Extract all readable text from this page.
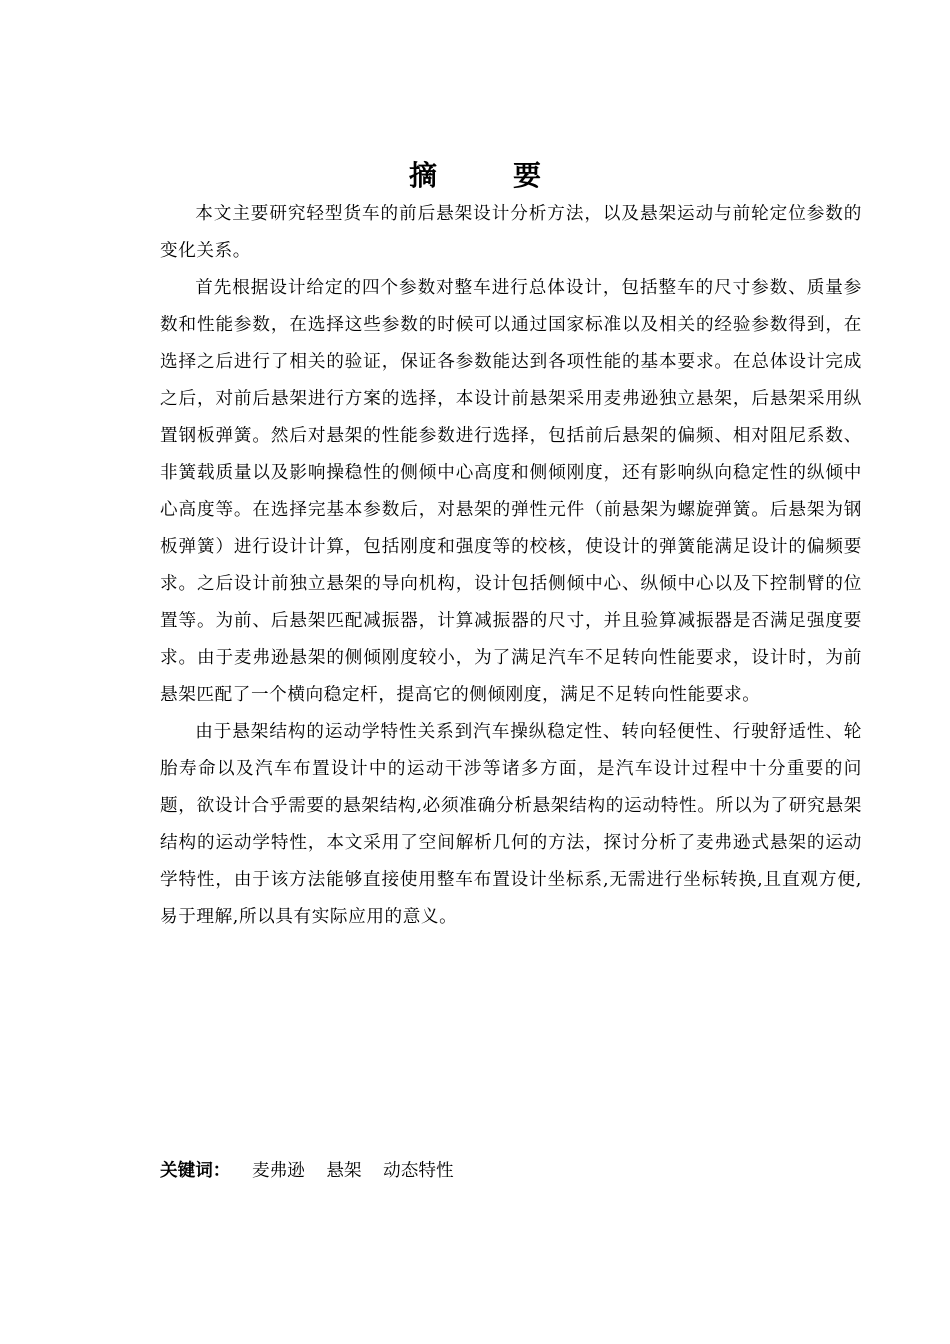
摘要

本文主要研究轻型货车的前后悬架设计分析方法，以及悬架运动与前轮定位参数的变化关系。

首先根据设计给定的四个参数对整车进行总体设计，包括整车的尺寸参数、质量参数和性能参数，在选择这些参数的时候可以通过国家标准以及相关的经验参数得到，在选择之后进行了相关的验证，保证各参数能达到各项性能的基本要求。在总体设计完成之后，对前后悬架进行方案的选择，本设计前悬架采用麦弗逊独立悬架，后悬架采用纵置钢板弹簧。然后对悬架的性能参数进行选择，包括前后悬架的偏频、相对阻尼系数、非簧载质量以及影响操稳性的侧倾中心高度和侧倾刚度，还有影响纵向稳定性的纵倾中心高度等。在选择完基本参数后，对悬架的弹性元件（前悬架为螺旋弹簧。后悬架为钢板弹簧）进行设计计算，包括刚度和强度等的校核，使设计的弹簧能满足设计的偏频要求。之后设计前独立悬架的导向机构，设计包括侧倾中心、纵倾中心以及下控制臂的位置等。为前、后悬架匹配减振器，计算减振器的尺寸，并且验算减振器是否满足强度要求。由于麦弗逊悬架的侧倾刚度较小，为了满足汽车不足转向性能要求，设计时，为前悬架匹配了一个横向稳定杆，提高它的侧倾刚度，满足不足转向性能要求。

由于悬架结构的运动学特性关系到汽车操纵稳定性、转向轻便性、行驶舒适性、轮胎寿命以及汽车布置设计中的运动干涉等诸多方面，是汽车设计过程中十分重要的问题，欲设计合乎需要的悬架结构,必须准确分析悬架结构的运动特性。所以为了研究悬架结构的运动学特性，本文采用了空间解析几何的方法，探讨分析了麦弗逊式悬架的运动学特性，由于该方法能够直接使用整车布置设计坐标系,无需进行坐标转换,且直观方便,易于理解,所以具有实际应用的意义。

关键词： 麦弗逊 悬架 动态特性
